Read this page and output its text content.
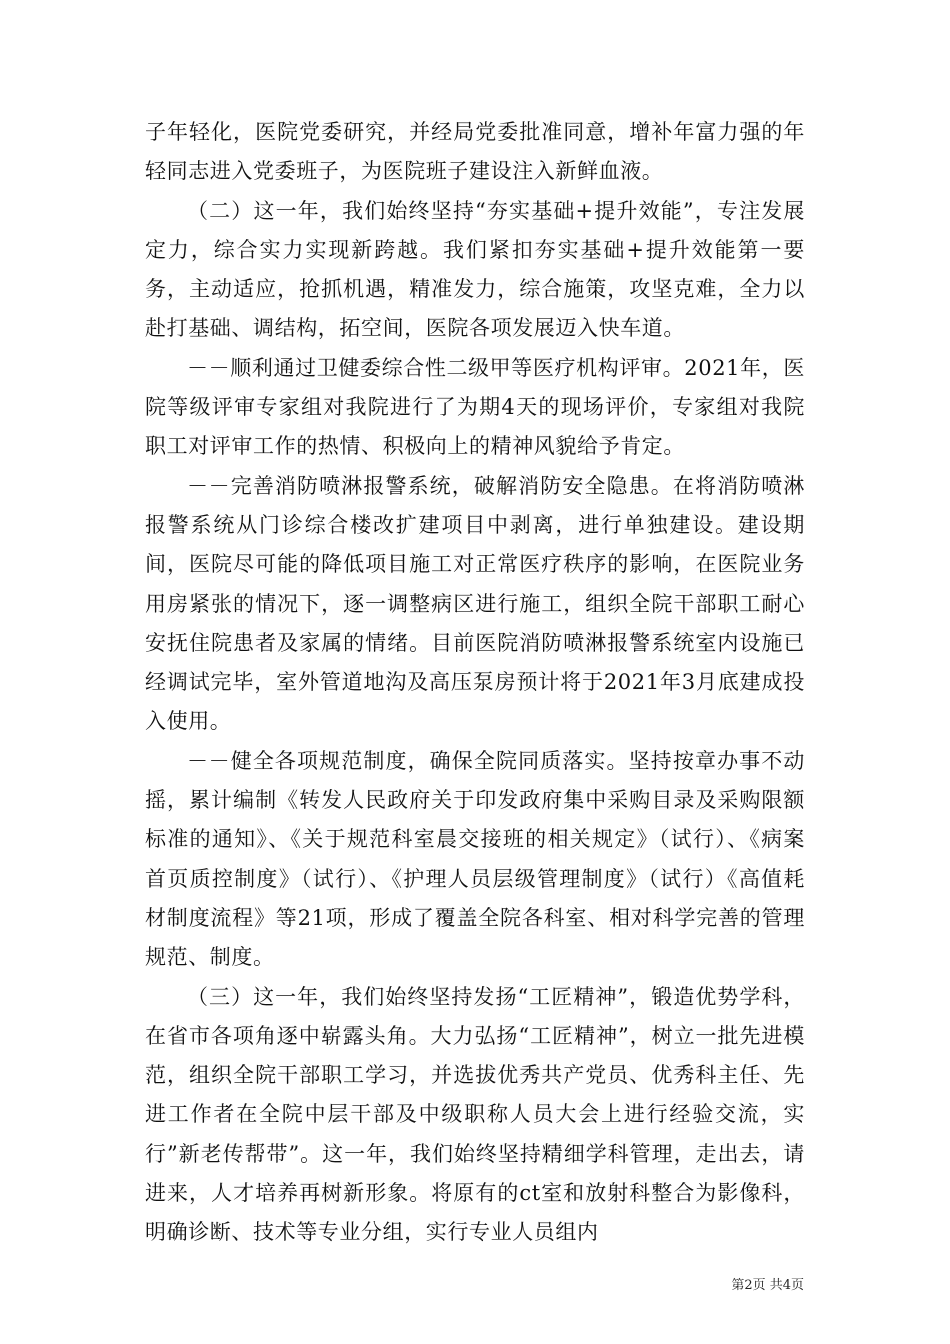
子年轻化，医院党委研究，并经局党委批准同意，增补年富力强的年轻同志进入党委班子，为医院班子建设注入新鲜血液。

（二）这一年，我们始终坚持“夯实基础+提升效能”，专注发展定力，综合实力实现新跨越。我们紧扣夯实基础+提升效能第一要务，主动适应，抢抓机遇，精准发力，综合施策，攻坚克难，全力以赴打基础、调结构，拓空间，医院各项发展迈入快车道。

－－顺利通过卫健委综合性二级甲等医疗机构评审。2021年，医院等级评审专家组对我院进行了为期4天的现场评价，专家组对我院职工对评审工作的热情、积极向上的精神风貌给予肯定。

－－完善消防喷淋报警系统，破解消防安全隐患。在将消防喷淋报警系统从门诊综合楼改扩建项目中剥离，进行单独建设。建设期间，医院尽可能的降低项目施工对正常医疗秩序的影响，在医院业务用房紧张的情况下，逐一调整病区进行施工，组织全院干部职工耐心安抚住院患者及家属的情绪。目前医院消防喷淋报警系统室内设施已经调试完毕，室外管道地沟及高压泵房预计将于2021年3月底建成投入使用。

－－健全各项规范制度，确保全院同质落实。坚持按章办事不动摇，累计编制《转发人民政府关于印发政府集中采购目录及采购限额标准的通知》、《关于规范科室晨交接班的相关规定》（试行）、《病案首页质控制度》（试行）、《护理人员层级管理制度》（试行）《高值耗材制度流程》等21项，形成了覆盖全院各科室、相对科学完善的管理规范、制度。

（三）这一年，我们始终坚持发扬“工匠精神”，锻造优势学科，在省市各项角逐中崭露头角。大力弘扬“工匠精神”，树立一批先进模范，组织全院干部职工学习，并选拔优秀共产党员、优秀科主任、先进工作者在全院中层干部及中级职称人员大会上进行经验交流，实行”新老传帮带”。这一年，我们始终坚持精细学科管理，走出去，请进来，人才培养再树新形象。将原有的ct室和放射科整合为影像科，明确诊断、技术等专业分组，实行专业人员组内

第2页 共4页
